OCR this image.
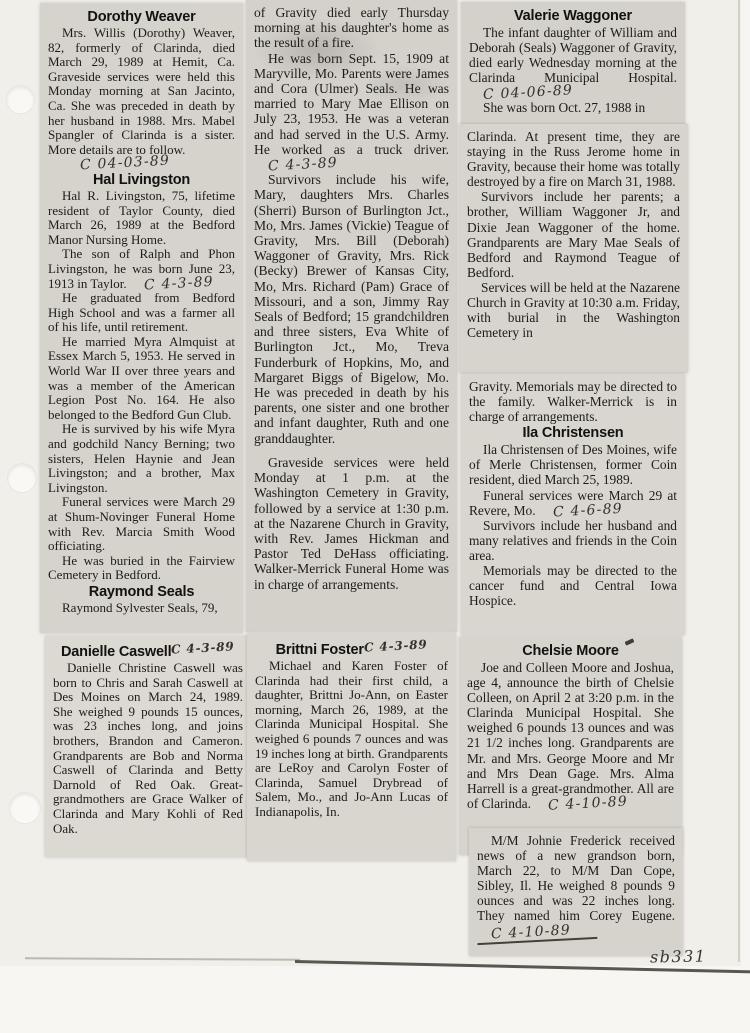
Dorothy Weaver

Mrs. Willis (Dorothy) Weaver, 82, formerly of Clarinda, died March 29, 1989 at Hemit, Ca. Graveside services were held this Monday morning at San Jacinto, Ca. She was preceded in death by her husband in 1988. Mrs. Mabel Spangler of Clarinda is a sister. More details are to follow.

C 04-03-89

Hal Livingston

Hal R. Livingston, 75, lifetime resident of Taylor County, died March 26, 1989 at the Bedford Manor Nursing Home.

The son of Ralph and Phon Livingston, he was born June 23, 1913 in Taylor. C 4-3-89

He graduated from Bedford High School and was a farmer all of his life, until retirement.

He married Myra Almquist at Essex March 5, 1953. He served in World War II over three years and was a member of the American Legion Post No. 164. He also belonged to the Bedford Gun Club.

He is survived by his wife Myra and godchild Nancy Berning; two sisters, Helen Haynie and Jean Livingston; and a brother, Max Livingston.

Funeral services were March 29 at Shum-Novinger Funeral Home with Rev. Marcia Smith Wood officiating.

He was buried in the Fairview Cemetery in Bedford.

Raymond Seals

Raymond Sylvester Seals, 79,

of Gravity died early Thursday morning at his daughter's home as the result of a fire.

He was born Sept. 15, 1909 at Maryville, Mo. Parents were James and Cora (Ulmer) Seals. He was married to Mary Mae Ellison on July 23, 1953. He was a veteran and had served in the U.S. Army. He worked as a truck driver. C 4-3-89

Survivors include his wife, Mary, daughters Mrs. Charles (Sherri) Burson of Burlington Jct., Mo, Mrs. James (Vickie) Teague of Gravity, Mrs. Bill (Deborah) Waggoner of Gravity, Mrs. Rick (Becky) Brewer of Kansas City, Mo, Mrs. Richard (Pam) Grace of Missouri, and a son, Jimmy Ray Seals of Bedford; 15 grandchildren and three sisters, Eva White of Burlington Jct., Mo, Treva Funderburk of Hopkins, Mo, and Margaret Biggs of Bigelow, Mo. He was preceded in death by his parents, one sister and one brother and infant daughter, Ruth and one granddaughter.

Graveside services were held Monday at 1 p.m. at the Washington Cemetery in Gravity, followed by a service at 1:30 p.m. at the Nazarene Church in Gravity, with Rev. James Hickman and Pastor Ted DeHass officiating. Walker-Merrick Funeral Home was in charge of arrangements.

Valerie Waggoner

The infant daughter of William and Deborah (Seals) Waggoner of Gravity, died early Wednesday morning at the Clarinda Municipal Hospital. C 04-06-89

She was born Oct. 27, 1988 in

Clarinda. At present time, they are staying in the Russ Jerome home in Gravity, because their home was totally destroyed by a fire on March 31, 1988.

Survivors include her parents; a brother, William Waggoner Jr, and Dixie Jean Waggoner of the home. Grandparents are Mary Mae Seals of Bedford and Raymond Teague of Bedford.

Services will be held at the Nazarene Church in Gravity at 10:30 a.m. Friday, with burial in the Washington Cemetery in

Gravity. Memorials may be directed to the family. Walker-Merrick is in charge of arrangements.

Ila Christensen

Ila Christensen of Des Moines, wife of Merle Christensen, former Coin resident, died March 25, 1989.

Funeral services were March 29 at Revere, Mo. C 4-6-89

Survivors include her husband and many relatives and friends in the Coin area.

Memorials may be directed to the cancer fund and Central Iowa Hospice.

Danielle CaswellC 4-3-89

Danielle Christine Caswell was born to Chris and Sarah Caswell at Des Moines on March 24, 1989. She weighed 9 pounds 15 ounces, was 23 inches long, and joins brothers, Brandon and Cameron. Grandparents are Bob and Norma Caswell of Clarinda and Betty Darnold of Red Oak. Great-grandmothers are Grace Walker of Clarinda and Mary Kohli of Red Oak.

Brittni FosterC 4-3-89

Michael and Karen Foster of Clarinda had their first child, a daughter, Brittni Jo-Ann, on Easter morning, March 26, 1989, at the Clarinda Municipal Hospital. She weighed 6 pounds 7 ounces and was 19 inches long at birth. Grandparents are LeRoy and Carolyn Foster of Clarinda, Samuel Drybread of Salem, Mo., and Jo-Ann Lucas of Indianapolis, In.

Chelsie Moore

Joe and Colleen Moore and Joshua, age 4, announce the birth of Chelsie Colleen, on April 2 at 3:20 p.m. in the Clarinda Municipal Hospital. She weighed 6 pounds 13 ounces and was 21 1/2 inches long. Grandparents are Mr. and Mrs. George Moore and Mr and Mrs Dean Gage. Mrs. Alma Harrell is a great-grandmother. All are of Clarinda. C 4-10-89

M/M Johnie Frederick received news of a new grandson born, March 22, to M/M Dan Cope, Sibley, Il. He weighed 8 pounds 9 ounces and was 22 inches long. They named him Corey Eugene. C 4-10-89

sb331
